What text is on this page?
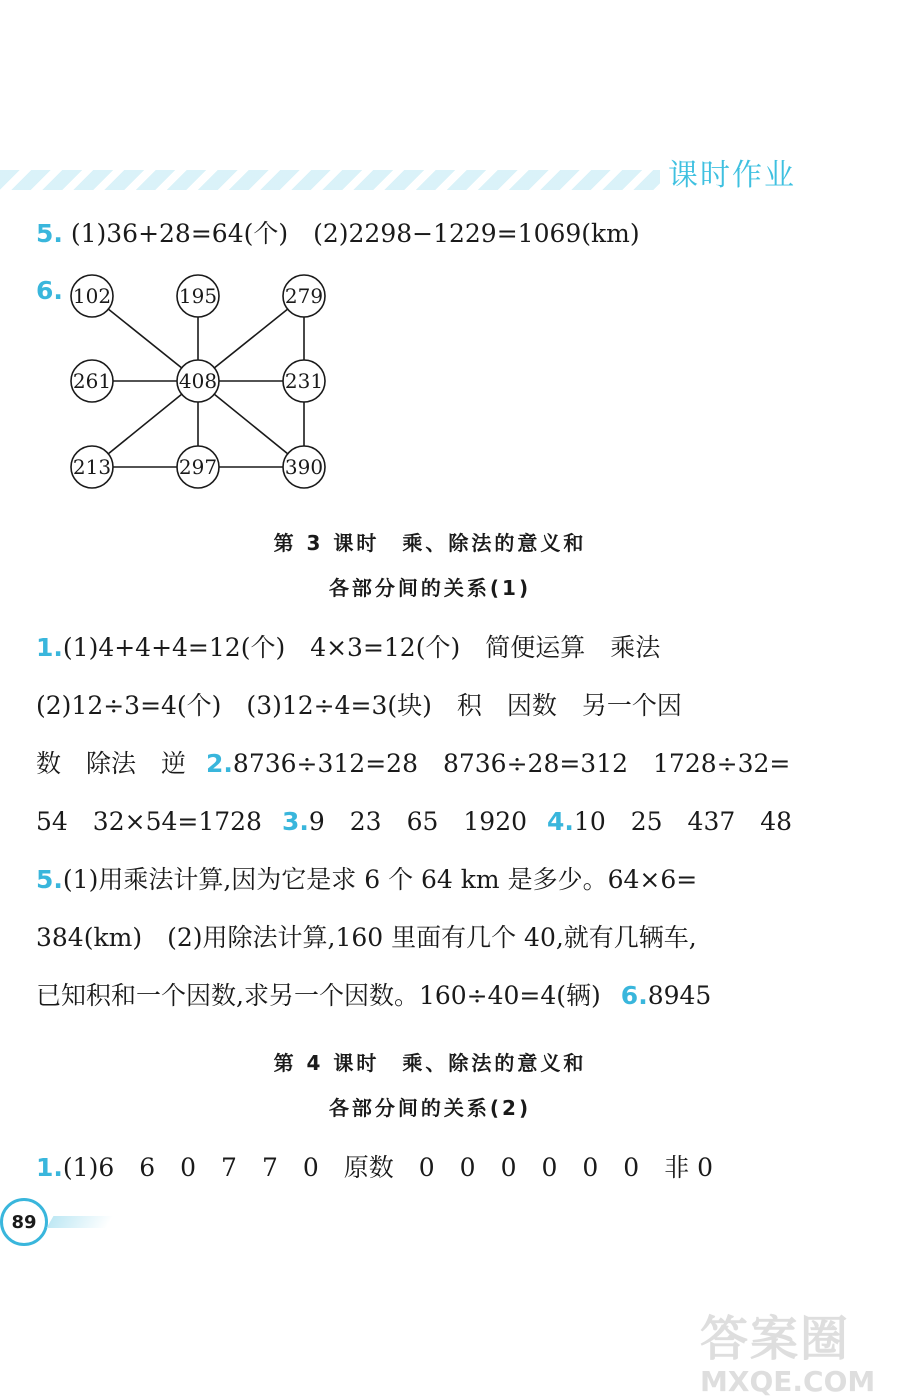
课时作业
5. (1)36+28=64(个)　(2)2298−1229=1069(km)
6. 102	195	279
261	408	231
213	297	390
第 3 课时　乘、除法的意义和
各部分间的关系(1)
1.(1)4+4+4=12(个)　4×3=12(个)　简便运算　乘法
(2)12÷3=4(个)　(3)12÷4=3(块)　积　因数　另一个因
数　除法　逆 2.8736÷312=28　8736÷28=312　1728÷32=
54　32×54=1728 3.9　23　65　1920 4.10　25　437　48
5.(1)用乘法计算,因为它是求 6 个 64 km 是多少。64×6=
384(km)　(2)用除法计算,160 里面有几个 40,就有几辆车,
已知积和一个因数,求另一个因数。160÷40=4(辆) 6.8945
第 4 课时　乘、除法的意义和
各部分间的关系(2)
1.(1)6　6　0　7　7　0　原数　0　0　0　0　0　0　非 0
89
答案圈
MXQE.COM
